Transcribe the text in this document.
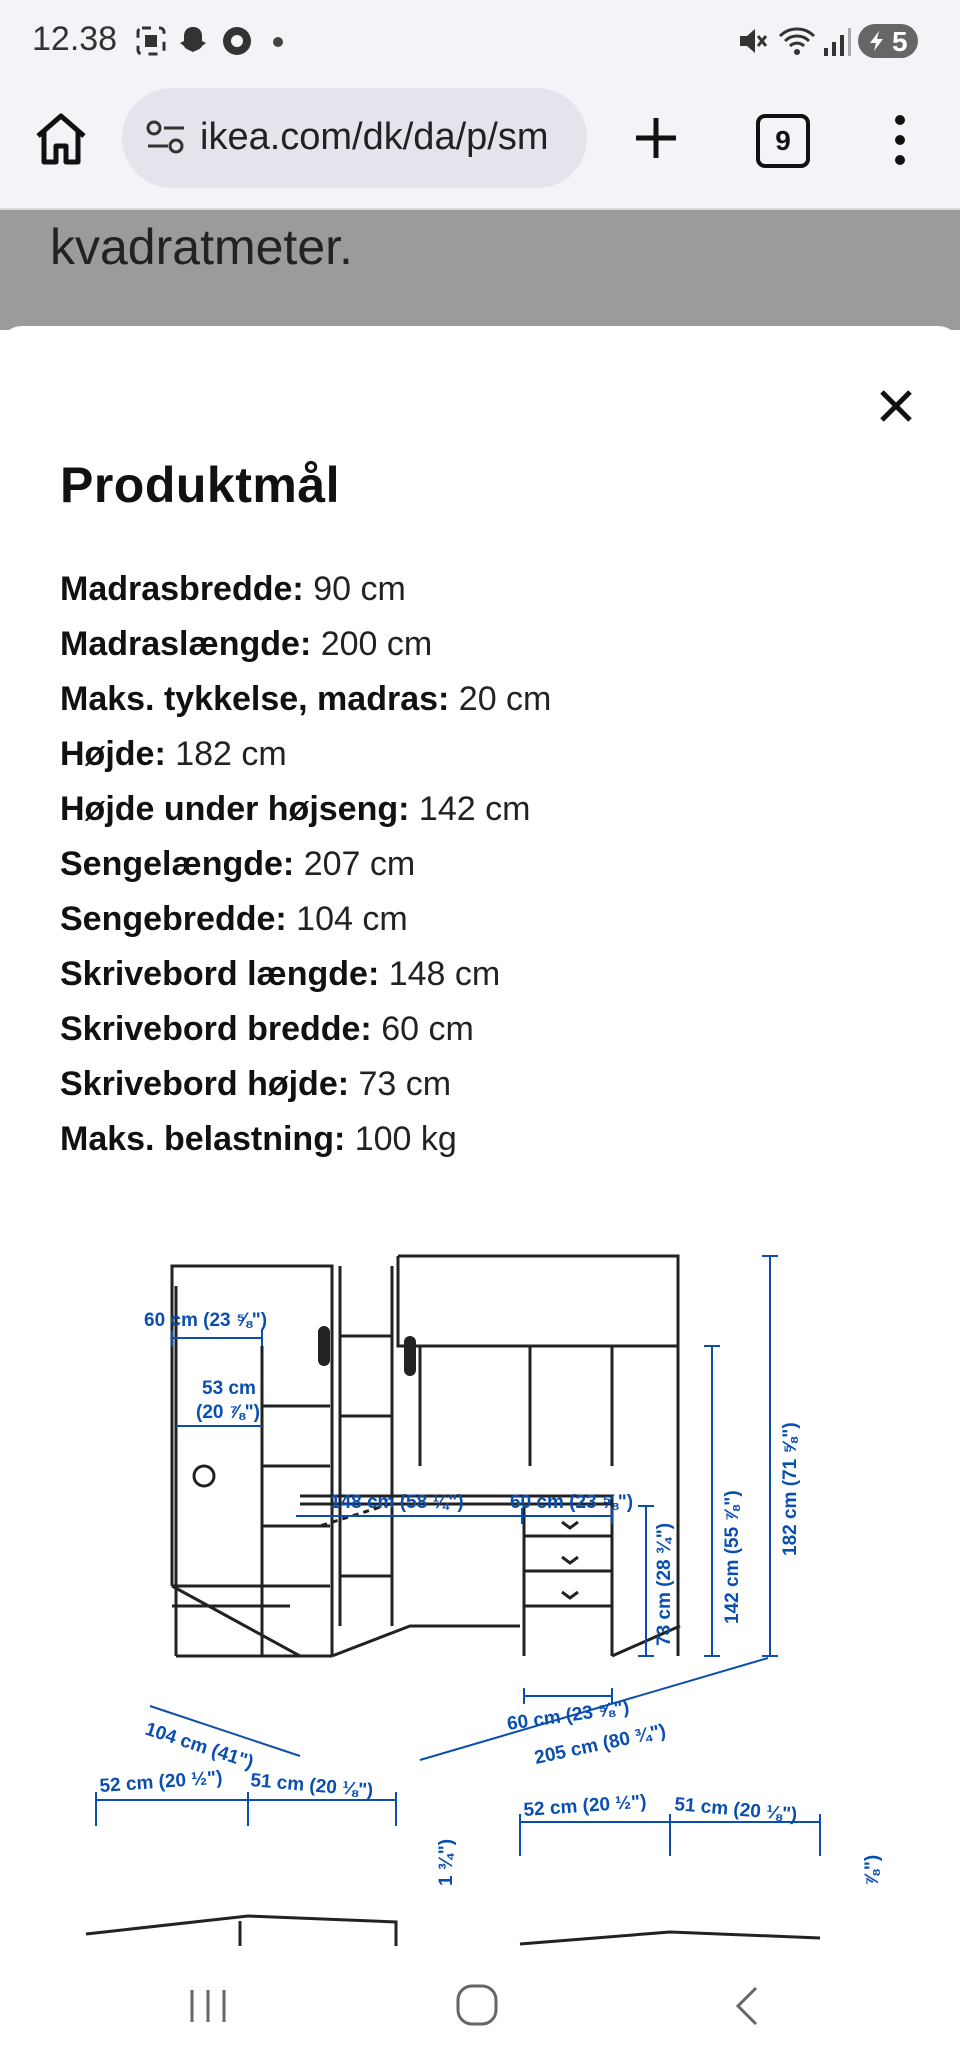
12.38	5
ikea.com/dk/da/p/sm	9
kvadratmeter.
Produktmål
Madrasbredde: 90 cm
Madraslængde: 200 cm
Maks. tykkelse, madras: 20 cm
Højde: 182 cm
Højde under højseng: 142 cm
Sengelængde: 207 cm
Sengebredde: 104 cm
Skrivebord længde: 148 cm
Skrivebord bredde: 60 cm
Skrivebord højde: 73 cm
Maks. belastning: 100 kg
60 cm (23 ⅝")
53 cm
(20 ⅞")
148 cm (58 ¼") 60 cm (23 ⅝")
73 cm (28 ¾") 142 cm (55 ⅞")
182 cm (71 ⅝")
104 cm (41")
60 cm (23 ⅝")
205 cm (80 ¾")
52 cm (20 ½") 51 cm (20 ⅛")
52 cm (20 ½") 51 cm (20 ⅛")
1 ¾")	⅞")
